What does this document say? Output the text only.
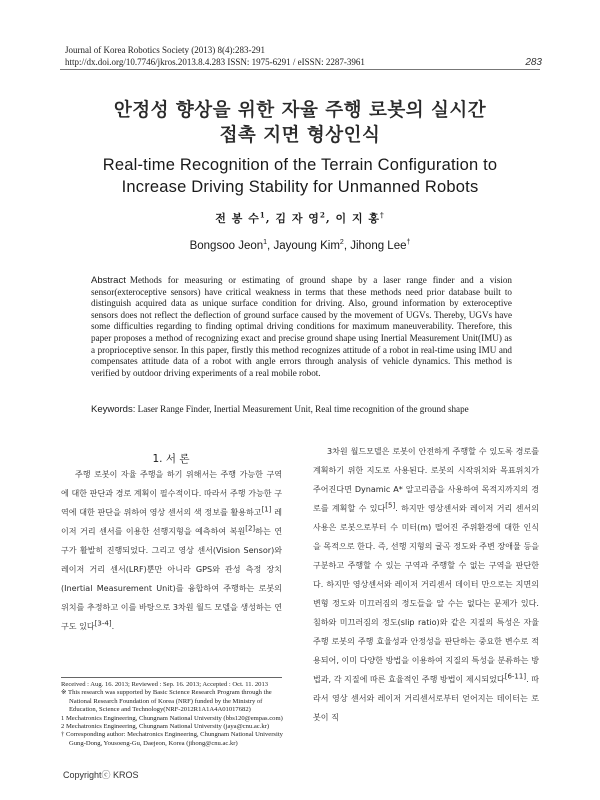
Journal of Korea Robotics Society (2013) 8(4):283-291
http://dx.doi.org/10.7746/jkros.2013.8.4.283 ISSN: 1975-6291 / eISSN: 2287-3961	283
안정성 향상을 위한 자율 주행 로봇의 실시간
접촉 지면 형상인식
Real-time Recognition of the Terrain Configuration to
Increase Driving Stability for Unmanned Robots
전 봉 수$^1$, 김 자 영$^2$, 이 지 홍†
Bongsoo Jeon$^1$, Jayoung Kim$^2$, Jihong Lee†
Abstract Methods for measuring or estimating of ground shape by a laser range finder and a vision sensor(exteroceptive sensors) have critical weakness in terms that these methods need prior database built to distinguish acquired data as unique surface condition for driving. Also, ground information by exteroceptive sensors does not reflect the deflection of ground surface caused by the movement of UGVs. Thereby, UGVs have some difficulties regarding to finding optimal driving conditions for maximum maneuverability. Therefore, this paper proposes a method of recognizing exact and precise ground shape using Inertial Measurement Unit(IMU) as a proprioceptive sensor. In this paper, firstly this method recognizes attitude of a robot in real-time using IMU and compensates attitude data of a robot with angle errors through analysis of vehicle dynamics. This method is verified by outdoor driving experiments of a real mobile robot.
Keywords: Laser Range Finder, Inertial Measurement Unit, Real time recognition of the ground shape
1. 서 론

주행 로봇이 자율 주행을 하기 위해서는 주행 가능한 구역에 대한 판단과 경로 계획이 필수적이다. 따라서 주행 가능한 구역에 대한 판단을 위하여 영상 센서의 색 정보를 활용하고[1] 레이저 거리 센서를 이용한 선행지형을 예측하여 복원[2]하는 연구가 활발히 진행되었다. 그리고 영상 센서(Vision Sensor)와 레이저 거리 센서(LRF)뿐만 아니라 GPS와 관성 측정 장치(Inertial Measurement Unit)를 융합하여 주행하는 로봇의 위치를 추정하고 이를 바탕으로 3차원 월드 모델을 생성하는 연구도 있다[3-4].

3차원 월드모델은 로봇이 안전하게 주행할 수 있도록 경로를 계획하기 위한 지도로 사용된다. 로봇의 시작위치와 목표위치가 주어진다면 Dynamic A* 알고리즘을 사용하여 목적지까지의 경로를 계획할 수 있다[5]. 하지만 영상센서와 레이저 거리 센서의 사용은 로봇으로부터 수 미터(m) 떨어진 주위환경에 대한 인식을 목적으로 한다. 즉, 선행 지형의 굴곡 정도와 주변 장애물 등을 구분하고 주행할 수 있는 구역과 주행할 수 없는 구역을 판단한다. 하지만 영상센서와 레이저 거리센서 데이터 만으로는 지면의 변형 정도와 미끄러짐의 정도들을 알 수는 없다는 문제가 있다. 침하와 미끄러짐의 정도(slip ratio)와 같은 지질의 특성은 자율 주행 로봇의 주행 효율성과 안정성을 판단하는 중요한 변수로 적용되어, 이미 다양한 방법을 이용하여 지질의 특성을 분류하는 방법과, 각 지질에 따른 효율적인 주행 방법이 제시되었다[6-11]. 따라서 영상 센서와 레이저 거리센서로부터 얻어지는 데이터는 로봇이 직

Received : Aug. 16. 2013; Reviewed : Sep. 16. 2013; Accepted : Oct. 11. 2013
※ This research was supported by Basic Science Research Program through the National Research Foundation of Korea (NRF) funded by the Ministry of Education, Science and Technology(NRF-2012R1A1A4A01017682)
1 Mechatronics Engineering, Chungnam National University (bbs120@empas.com)
2 Mechatronics Engineering, Chungnam National University (jaya@cnu.ac.kr)
† Corresponding author: Mechatronics Engineering, Chungnam National University Gung-Dong, Yousoeng-Gu, Daejeon, Korea (jihong@cnu.ac.kr)
Copyrightⓒ KROS
